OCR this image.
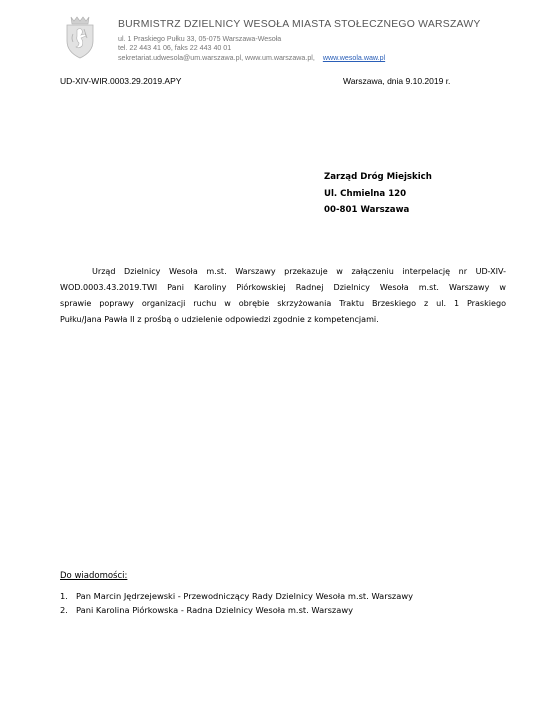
BURMISTRZ DZIELNICY WESOŁA MIASTA STOŁECZNEGO WARSZAWY
ul. 1 Praskiego Pułku 33, 05-075 Warszawa-Wesoła
tel. 22 443 41 06, faks 22 443 40 01
sekretariat.udwesola@um.warszawa.pl, www.um.warszawa.pl, www.wesola.waw.pl
UD-XIV-WIR.0003.29.2019.APY	Warszawa, dnia 9.10.2019 r.
Zarząd Dróg Miejskich
Ul. Chmielna 120
00-801 Warszawa
Urząd Dzielnicy Wesoła m.st. Warszawy przekazuje w załączeniu interpelację nr UD-XIV-
WOD.0003.43.2019.TWI Pani Karoliny Piórkowskiej Radnej Dzielnicy Wesoła m.st. Warszawy w
sprawie poprawy organizacji ruchu w obrębie skrzyżowania Traktu Brzeskiego z ul. 1 Praskiego
Pułku/Jana Pawła II z prośbą o udzielenie odpowiedzi zgodnie z kompetencjami.
Do wiadomości:
1. Pan Marcin Jędrzejewski - Przewodniczący Rady Dzielnicy Wesoła m.st. Warszawy
2. Pani Karolina Piórkowska - Radna Dzielnicy Wesoła m.st. Warszawy
